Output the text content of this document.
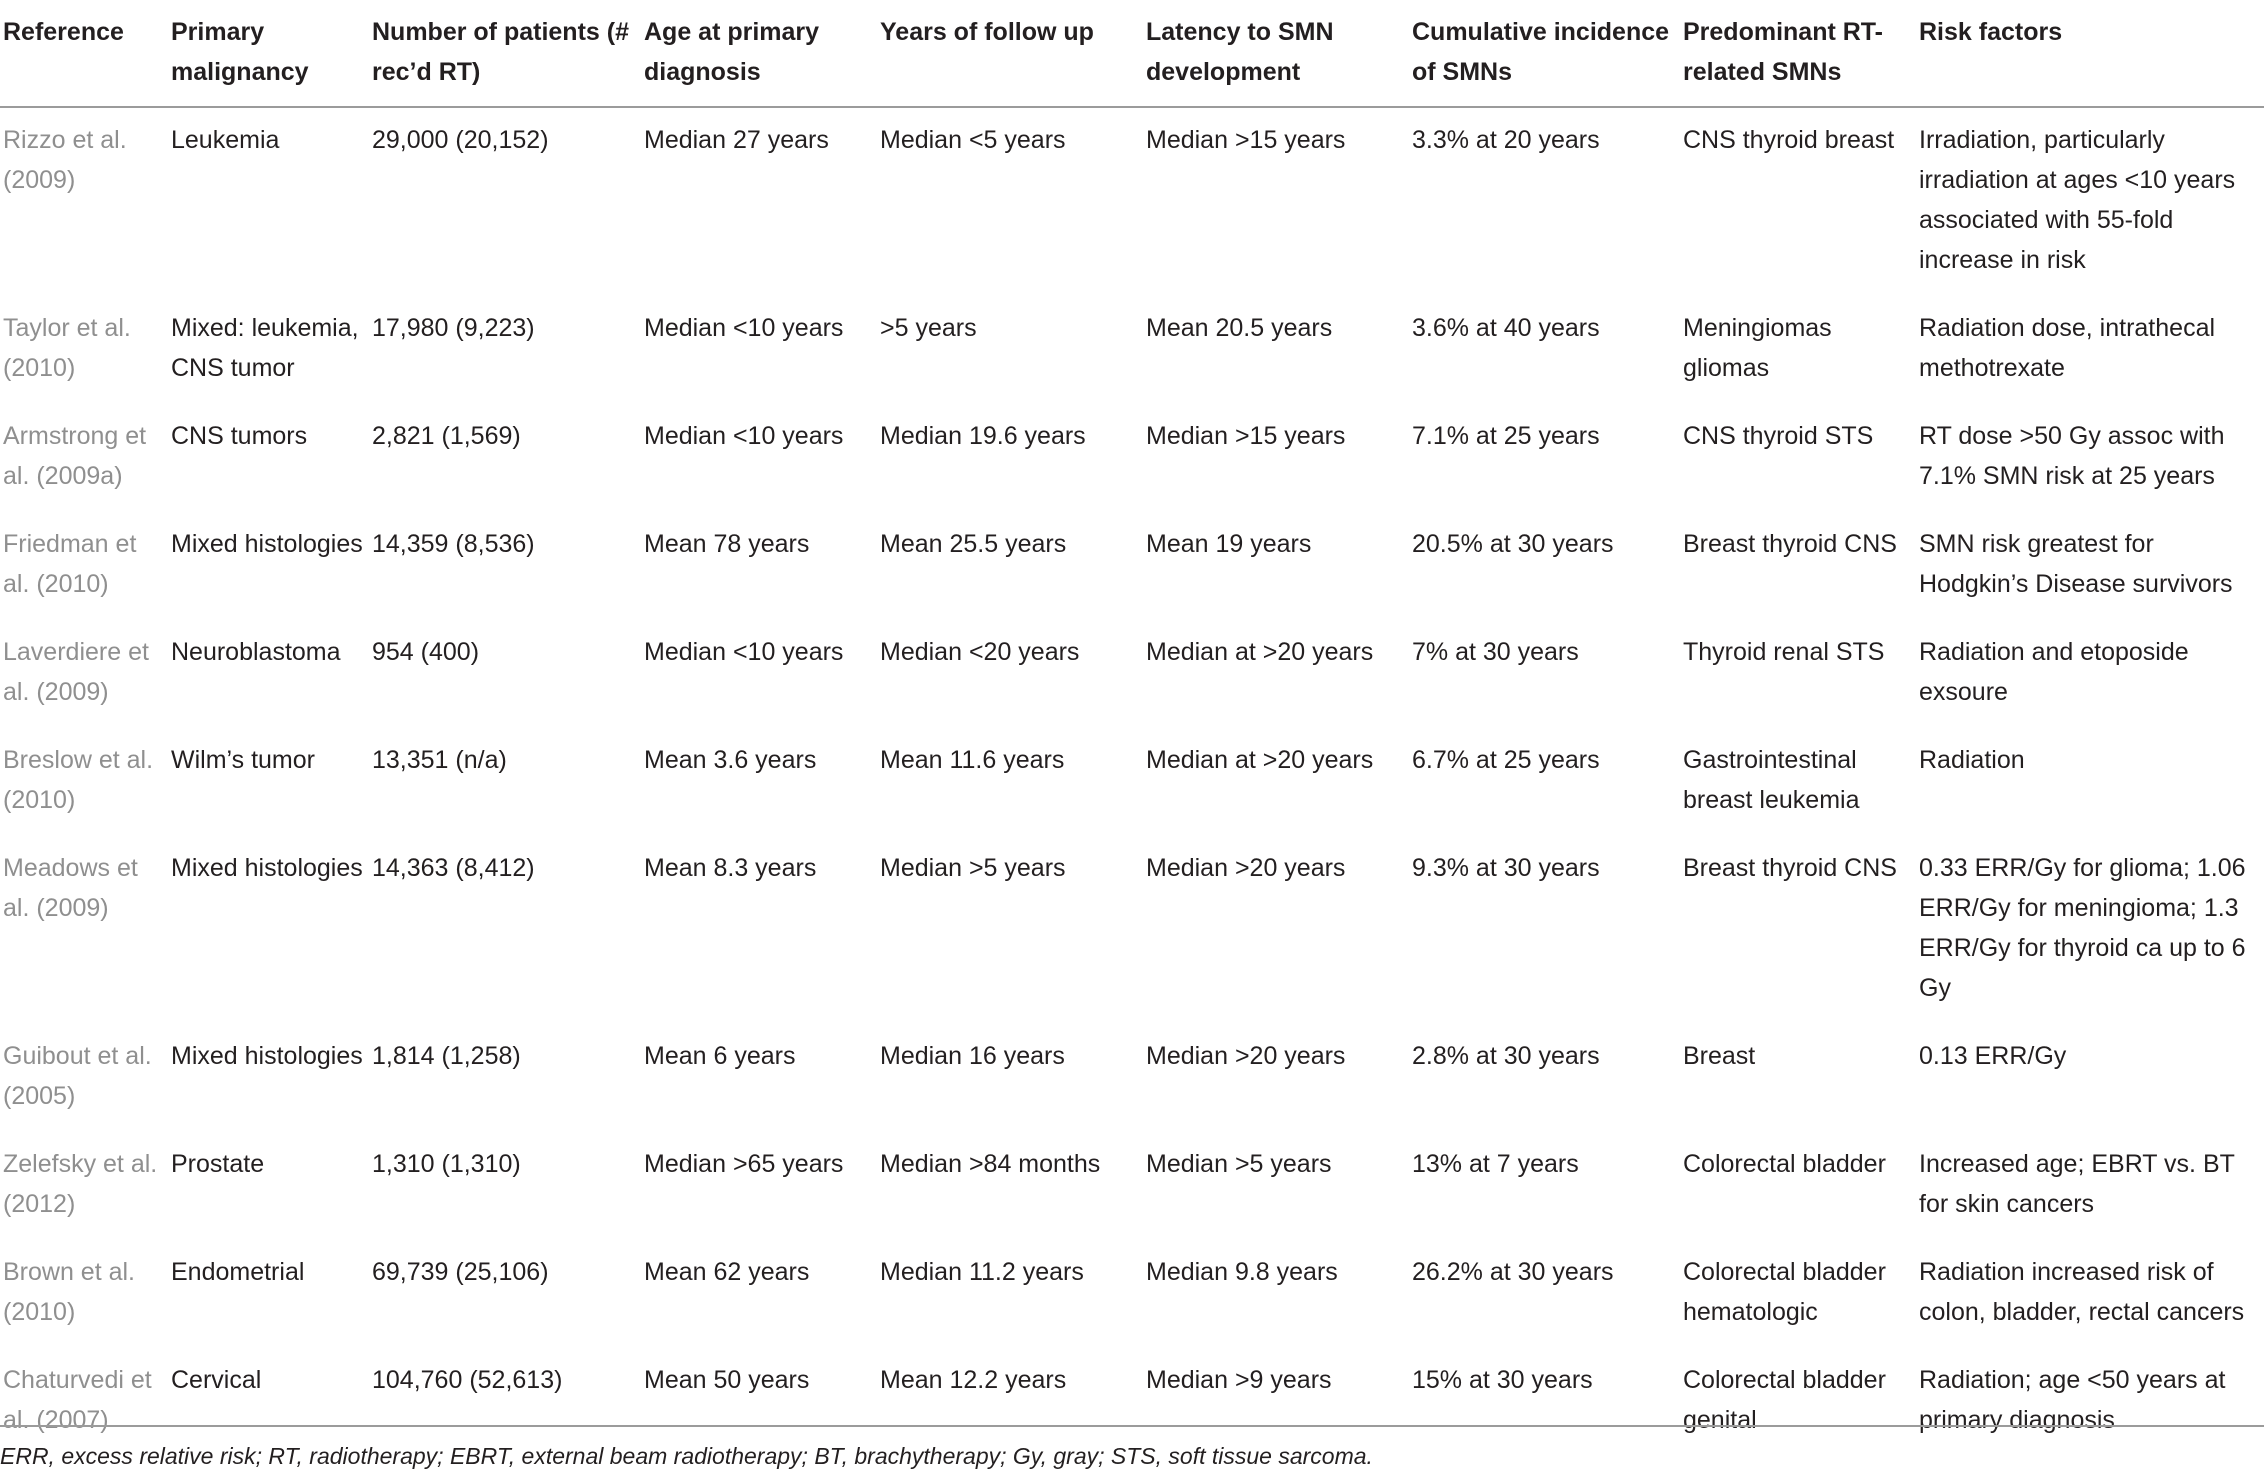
Reference	Primary malignancy	Number of patients (# rec’d RT)	Age at primary diagnosis	Years of follow up	Latency to SMN development	Cumulative incidence of SMNs	Predominant RT-related SMNs	Risk factors
Rizzo et al. (2009)	Leukemia	29,000 (20,152)	Median 27 years	Median <5 years	Median >15 years	3.3% at 20 years	CNS thyroid breast	Irradiation, particularly irradiation at ages <10 years associated with 55-fold increase in risk
Taylor et al. (2010)	Mixed: leukemia, CNS tumor	17,980 (9,223)	Median <10 years	>5 years	Mean 20.5 years	3.6% at 40 years	Meningiomas gliomas	Radiation dose, intrathecal methotrexate
Armstrong et al. (2009a)	CNS tumors	2,821 (1,569)	Median <10 years	Median 19.6 years	Median >15 years	7.1% at 25 years	CNS thyroid STS	RT dose >50 Gy assoc with 7.1% SMN risk at 25 years
Friedman et al. (2010)	Mixed histologies	14,359 (8,536)	Mean 78 years	Mean 25.5 years	Mean 19 years	20.5% at 30 years	Breast thyroid CNS	SMN risk greatest for Hodgkin’s Disease survivors
Laverdiere et al. (2009)	Neuroblastoma	954 (400)	Median <10 years	Median <20 years	Median at >20 years	7% at 30 years	Thyroid renal STS	Radiation and etoposide exsoure
Breslow et al. (2010)	Wilm’s tumor	13,351 (n/a)	Mean 3.6 years	Mean 11.6 years	Median at >20 years	6.7% at 25 years	Gastrointestinal breast leukemia	Radiation
Meadows et al. (2009)	Mixed histologies	14,363 (8,412)	Mean 8.3 years	Median >5 years	Median >20 years	9.3% at 30 years	Breast thyroid CNS	0.33 ERR/Gy for glioma; 1.06 ERR/Gy for meningioma; 1.3 ERR/Gy for thyroid ca up to 6 Gy
Guibout et al. (2005)	Mixed histologies	1,814 (1,258)	Mean 6 years	Median 16 years	Median >20 years	2.8% at 30 years	Breast	0.13 ERR/Gy
Zelefsky et al. (2012)	Prostate	1,310 (1,310)	Median >65 years	Median >84 months	Median >5 years	13% at 7 years	Colorectal bladder	Increased age; EBRT vs. BT for skin cancers
Brown et al. (2010)	Endometrial	69,739 (25,106)	Mean 62 years	Median 11.2 years	Median 9.8 years	26.2% at 30 years	Colorectal bladder hematologic	Radiation increased risk of colon, bladder, rectal cancers
Chaturvedi et al. (2007)	Cervical	104,760 (52,613)	Mean 50 years	Mean 12.2 years	Median >9 years	15% at 30 years	Colorectal bladder genital	Radiation; age <50 years at primary diagnosis
ERR, excess relative risk; RT, radiotherapy; EBRT, external beam radiotherapy; BT, brachytherapy; Gy, gray; STS, soft tissue sarcoma.
